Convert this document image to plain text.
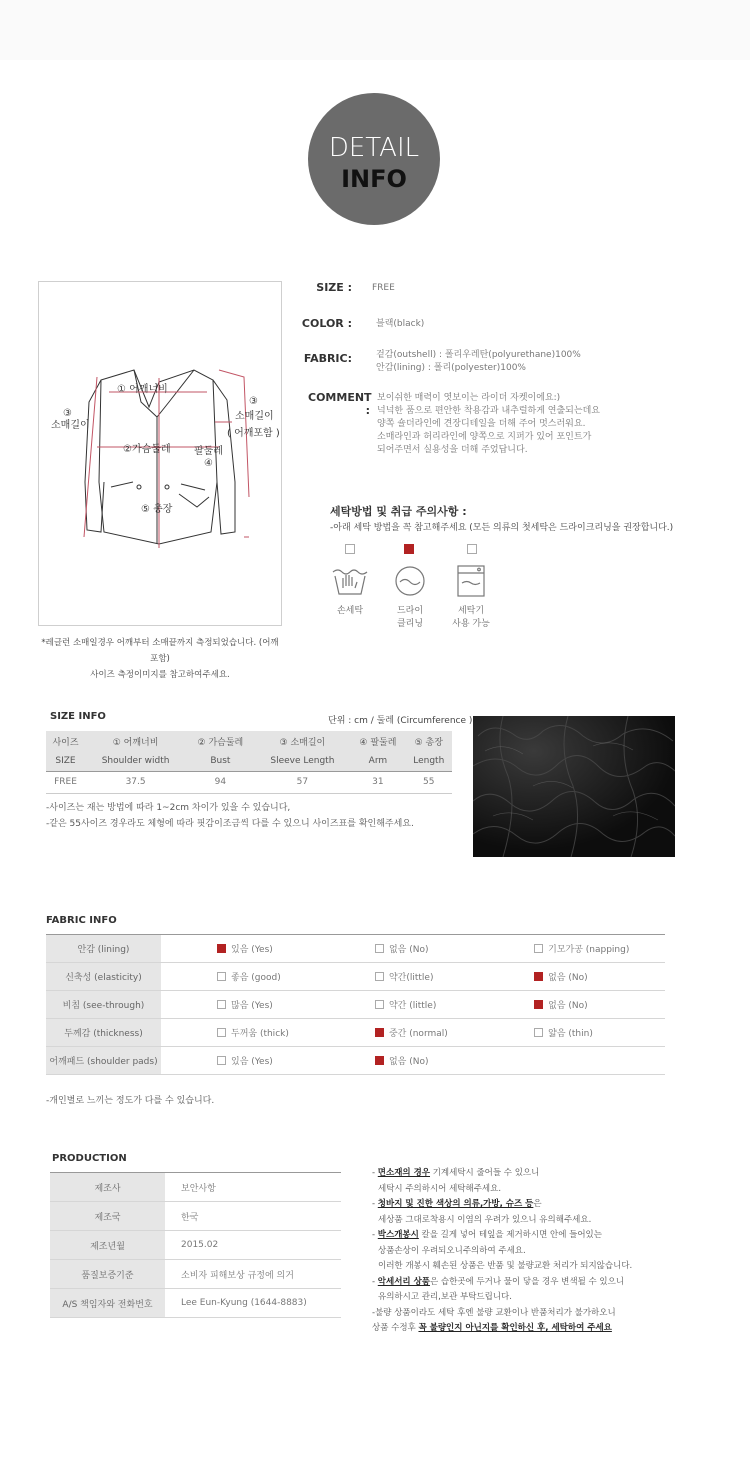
DETAIL
INFO
① 어깨너비
②가슴둘레 팔둘레
④
⑤ 총장
③
소매길이
③
소매길이
( 어깨포함 )
*레글런 소매일경우 어깨부터 소매끝까지 측정되었습니다. (어깨포함)
사이즈 측정이미지를 참고하여주세요.
SIZE : FREE
COLOR :	블랙(black)
FABRIC:	겉감(outshell) : 폴리우레탄(polyurethane)100%
안감(lining) : 폴리(polyester)100%
COMMENT :
보이쉬한 매력이 엿보이는 라이더 자켓이에요:)
넉넉한 품으로 편안한 착용감과 내추럴하게 연출되는데요
양쪽 숄더라인에 견장디테일을 더해 주어 멋스러워요.
소매라인과 허리라인에 양쪽으로 지퍼가 있어 포인트가
되어주면서 실용성을 더해 주었답니다.
세탁방법 및 취급 주의사항 :
-아래 세탁 방법을 꼭 참고해주세요 (모든 의류의 첫세탁은 드라이크리닝을 권장합니다.)
손세탁	드라이
클리닝
세탁기
사용 가능
SIZE INFO	단위 : cm / 둘레 (Circumference )
사이즈	① 어깨너비	② 가슴둘레	③ 소매길이	④ 팔둘레	⑤ 총장
SIZE	Shoulder width	Bust	Sleeve Length	Arm	Length
FREE	37.5	94	57	31	55
-사이즈는 재는 방법에 따라 1~2cm 차이가 있을 수 있습니다,
-같은 55사이즈 경우라도 체형에 따라 핏감이조금씩 다를 수 있으니 사이즈표를 확인해주세요.
FABRIC INFO
안감 (lining)	있음 (Yes)	없음 (No)	기모가공 (napping)
신축성 (elasticity)	좋음 (good)	약간(little)	없음 (No)
비침 (see-through)	많음 (Yes)	약간 (little)	없음 (No)
두께감 (thickness)	두꺼움 (thick)	중간 (normal)	얇음 (thin)
어깨패드 (shoulder pads)	있음 (Yes)	없음 (No)	
-개인별로 느끼는 정도가 다를 수 있습니다.
PRODUCTION
제조사	보안사항
제조국	한국
제조년월	2015.02
품질보증기준	소비자 피해보상 규정에 의거
A/S 책임자와 전화번호	Lee Eun-Kyung (1644-8883)
- 면소재의 경우 기계세탁시 줄어들 수 있으니
세탁시 주의하시어 세탁해주세요.
- 청바지 및 진한 색상의 의류,가방, 슈즈 등은
세상품 그대로착용시 이염의 우려가 있으니 유의해주세요.
- 박스개봉시 칼을 길게 넣어 테잎을 제거하시면 안에 들어있는
상품손상이 우려되오니주의하여 주세요.
이러한 개봉시 훼손된 상품은 반품 및 불량교환 처리가 되지않습니다.
- 악세서리 상품은 습한곳에 두거나 물이 닿을 경우 변색될 수 있으니
유의하시고 관리,보관 부탁드립니다.
-불량 상품이라도 세탁 후엔 불량 교환이나 반품처리가 불가하오니
상품 수정후 꼭 불량인지 아닌지를 확인하신 후, 세탁하여 주세요
